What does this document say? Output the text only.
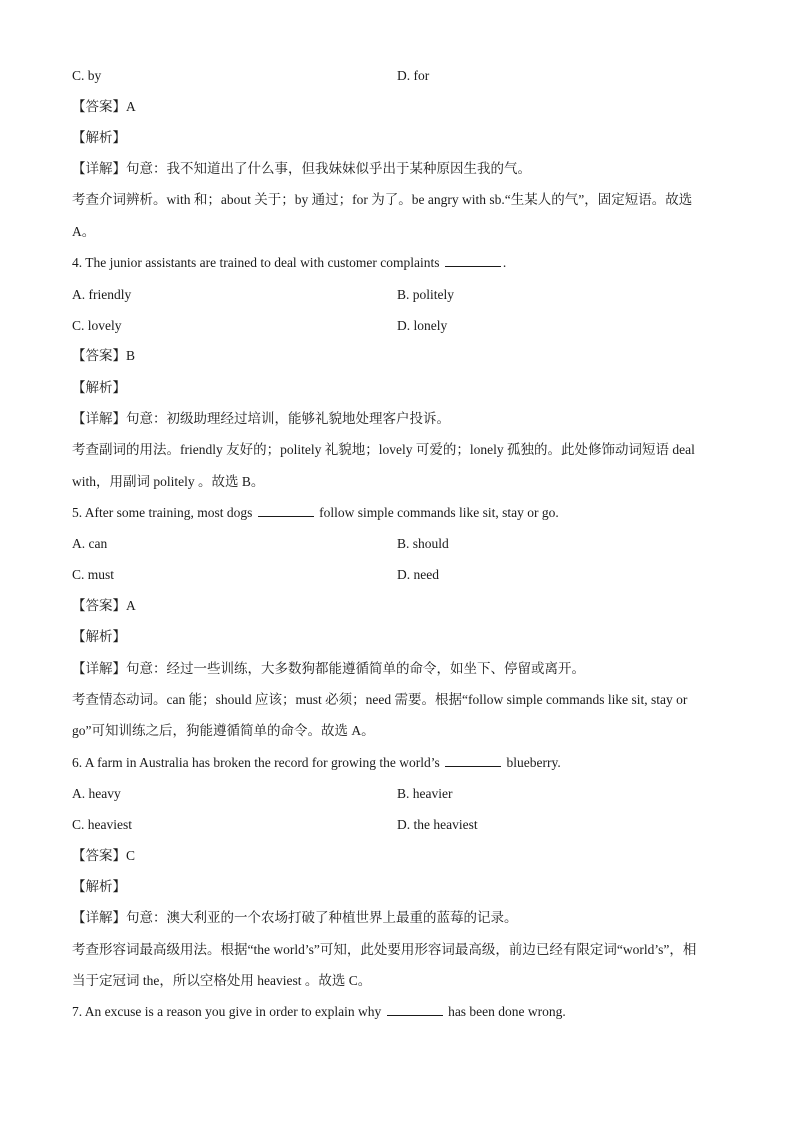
C. by	D. for
【答案】A
【解析】
【详解】句意：我不知道出了什么事，但我妹妹似乎出于某种原因生我的气。
考查介词辨析。with 和；about 关于；by 通过；for 为了。be angry with sb.“生某人的气”，固定短语。故选
A。
4. The junior assistants are trained to deal with customer complaints	.
A. friendly	B. politely
C. lovely	D. lonely
【答案】B
【解析】
【详解】句意：初级助理经过培训，能够礼貌地处理客户投诉。
考查副词的用法。friendly 友好的；politely 礼貌地；lovely 可爱的；lonely 孤独的。此处修饰动词短语 deal
with，用副词 politely 。故选 B。
5. After some training, most dogs	follow simple commands like sit, stay or go.
A. can	B. should
C. must	D. need
【答案】A
【解析】
【详解】句意：经过一些训练，大多数狗都能遵循简单的命令，如坐下、停留或离开。
考查情态动词。can 能；should 应该；must 必须；need 需要。根据“follow simple commands like sit, stay or
go”可知训练之后，狗能遵循简单的命令。故选 A。
6. A farm in Australia has broken the record for growing the world’s	blueberry.
A. heavy	B. heavier
C. heaviest	D. the heaviest
【答案】C
【解析】
【详解】句意：澳大利亚的一个农场打破了种植世界上最重的蓝莓的记录。
考查形容词最高级用法。根据“the world’s”可知，此处要用形容词最高级，前边已经有限定词“world’s”，相
当于定冠词 the，所以空格处用 heaviest 。故选 C。
7. An excuse is a reason you give in order to explain why	has been done wrong.
